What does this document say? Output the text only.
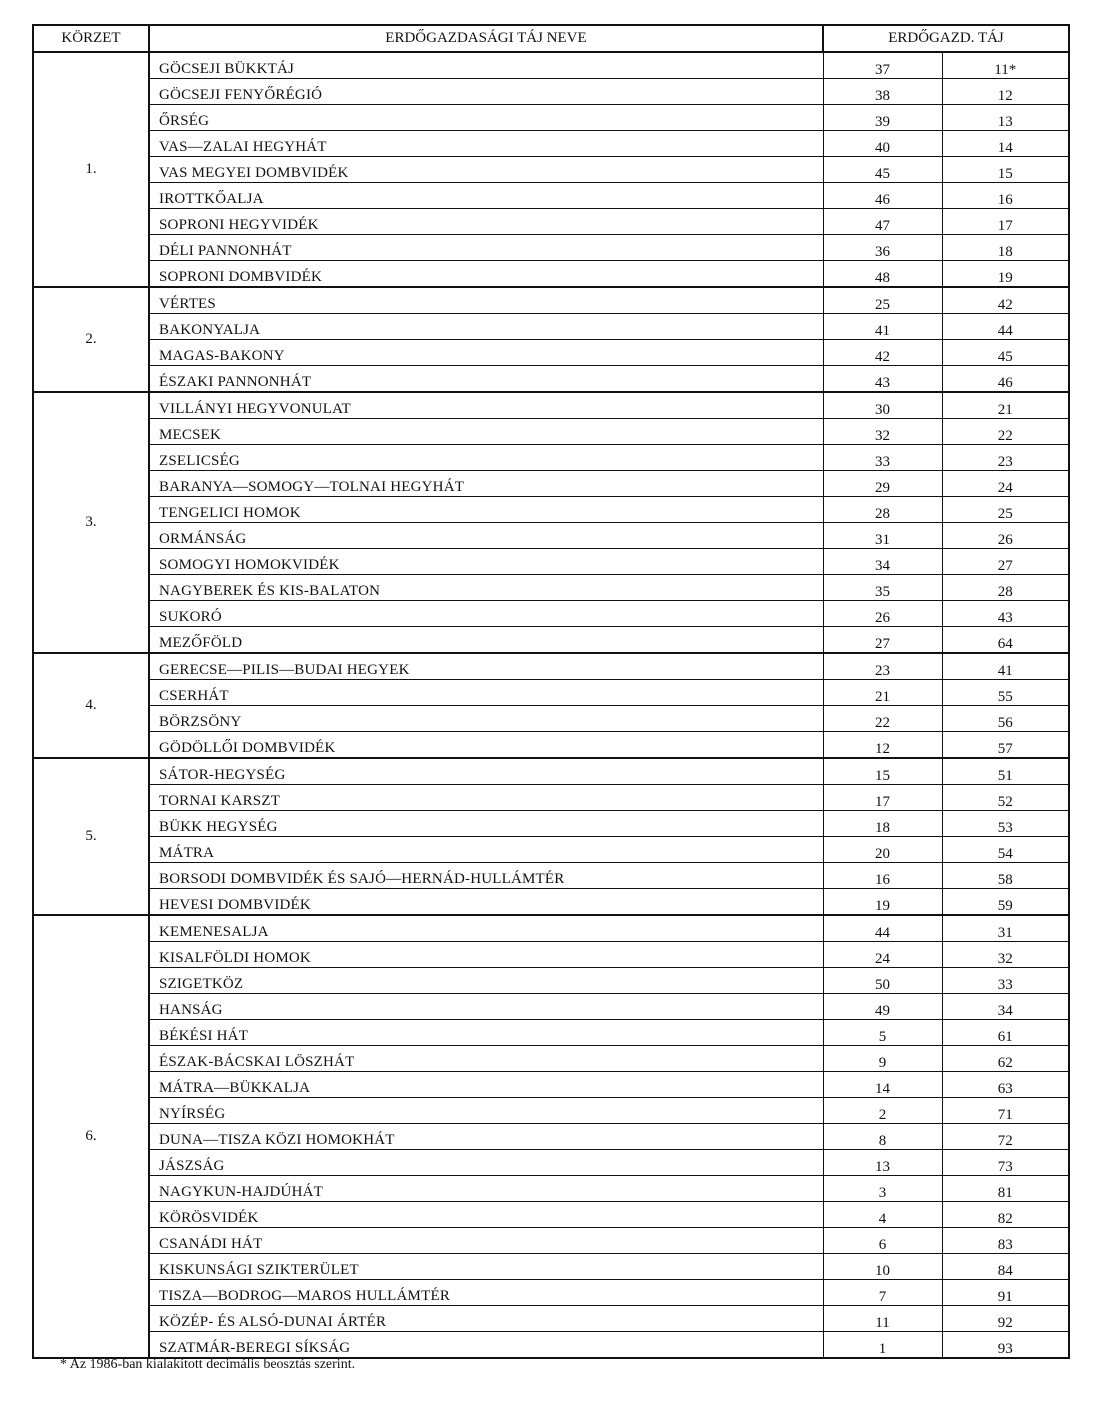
KÖRZET	ERDŐGAZDASÁGI TÁJ NEVE	ERDŐGAZD. TÁJ	
1.	GÖCSEJI BÜKKTÁJ	37	11*
	GÖCSEJI FENYŐRÉGIÓ	38	12
	ŐRSÉG	39	13
	VAS—ZALAI HEGYHÁT	40	14
	VAS MEGYEI DOMBVIDÉK	45	15
	IROTTKŐALJA	46	16
	SOPRONI HEGYVIDÉK	47	17
	DÉLI PANNONHÁT	36	18
	SOPRONI DOMBVIDÉK	48	19
2.	VÉRTES	25	42
	BAKONYALJA	41	44
	MAGAS-BAKONY	42	45
	ÉSZAKI PANNONHÁT	43	46
3.	VILLÁNYI HEGYVONULAT	30	21
	MECSEK	32	22
	ZSELICSÉG	33	23
	BARANYA—SOMOGY—TOLNAI HEGYHÁT	29	24
	TENGELICI HOMOK	28	25
	ORMÁNSÁG	31	26
	SOMOGYI HOMOKVIDÉK	34	27
	NAGYBEREK ÉS KIS-BALATON	35	28
	SUKORÓ	26	43
	MEZŐFÖLD	27	64
4.	GERECSE—PILIS—BUDAI HEGYEK	23	41
	CSERHÁT	21	55
	BÖRZSÖNY	22	56
	GÖDÖLLŐI DOMBVIDÉK	12	57
5.	SÁTOR-HEGYSÉG	15	51
	TORNAI KARSZT	17	52
	BÜKK HEGYSÉG	18	53
	MÁTRA	20	54
	BORSODI DOMBVIDÉK ÉS SAJÓ—HERNÁD-HULLÁMTÉR	16	58
	HEVESI DOMBVIDÉK	19	59
6.	KEMENESALJA	44	31
	KISALFÖLDI HOMOK	24	32
	SZIGETKÖZ	50	33
	HANSÁG	49	34
	BÉKÉSI HÁT	5	61
	ÉSZAK-BÁCSKAI LÖSZHÁT	9	62
	MÁTRA—BÜKKALJA	14	63
	NYÍRSÉG	2	71
	DUNA—TISZA KÖZI HOMOKHÁT	8	72
	JÁSZSÁG	13	73
	NAGYKUN-HAJDÚHÁT	3	81
	KÖRÖSVIDÉK	4	82
	CSANÁDI HÁT	6	83
	KISKUNSÁGI SZIKTERÜLET	10	84
	TISZA—BODROG—MAROS HULLÁMTÉR	7	91
	KÖZÉP- ÉS ALSÓ-DUNAI ÁRTÉR	11	92
	SZATMÁR-BEREGI SÍKSÁG	1	93
* Az 1986-ban kialakított decimális beosztás szerint.
